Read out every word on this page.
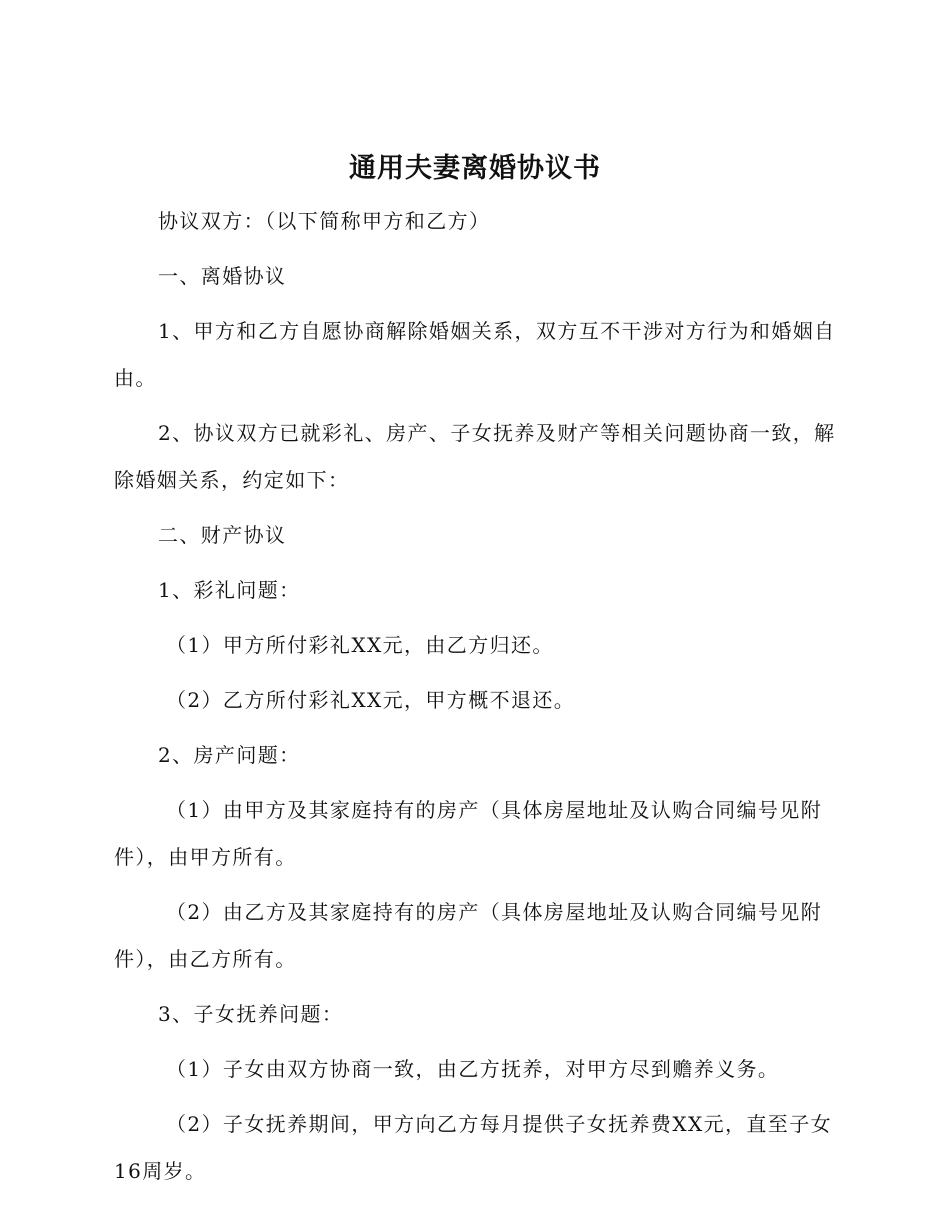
通用夫妻离婚协议书

协议双方：（以下简称甲方和乙方）

一、离婚协议

1、甲方和乙方自愿协商解除婚姻关系，双方互不干涉对方行为和婚姻自由。

2、协议双方已就彩礼、房产、子女抚养及财产等相关问题协商一致，解除婚姻关系，约定如下：

二、财产协议

1、彩礼问题：

（1）甲方所付彩礼XX元，由乙方归还。

（2）乙方所付彩礼XX元，甲方概不退还。

2、房产问题：

（1）由甲方及其家庭持有的房产（具体房屋地址及认购合同编号见附件），由甲方所有。

（2）由乙方及其家庭持有的房产（具体房屋地址及认购合同编号见附件），由乙方所有。

3、子女抚养问题：

（1）子女由双方协商一致，由乙方抚养，对甲方尽到赡养义务。

（2）子女抚养期间，甲方向乙方每月提供子女抚养费XX元，直至子女16周岁。
